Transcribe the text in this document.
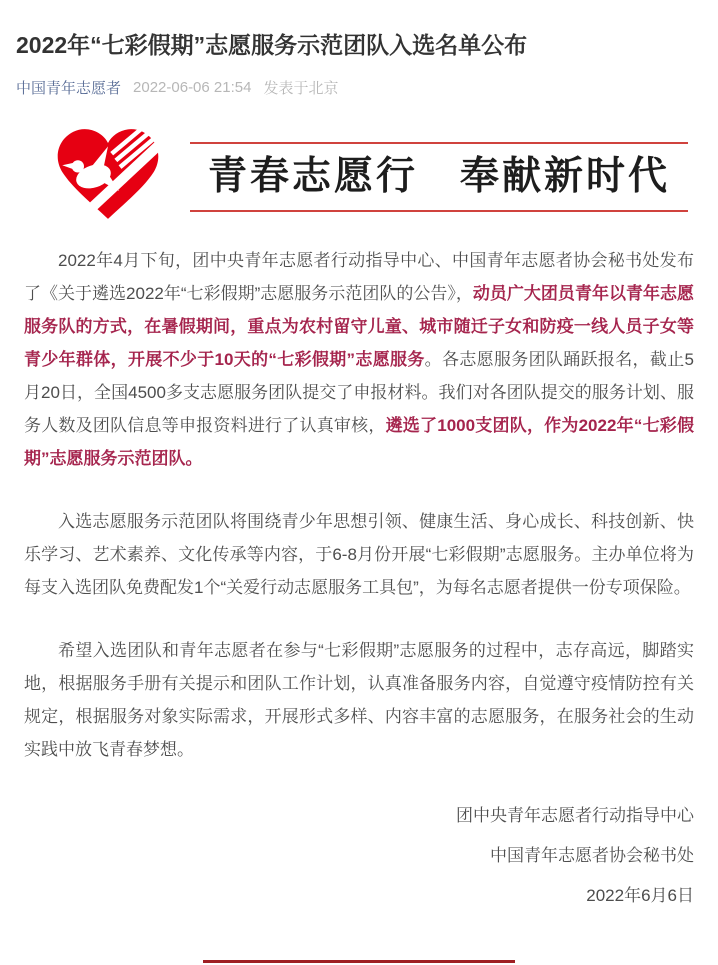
2022年“七彩假期”志愿服务示范团队入选名单公布
中国青年志愿者 2022-06-06 21:54 发表于北京
青春志愿行　奉献新时代

2022年4月下旬，团中央青年志愿者行动指导中心、中国青年志愿者协会秘书处发布了《关于遴选2022年“七彩假期”志愿服务示范团队的公告》，动员广大团员青年以青年志愿服务队的方式，在暑假期间，重点为农村留守儿童、城市随迁子女和防疫一线人员子女等青少年群体，开展不少于10天的“七彩假期”志愿服务。各志愿服务团队踊跃报名，截止5月20日，全国4500多支志愿服务团队提交了申报材料。我们对各团队提交的服务计划、服务人数及团队信息等申报资料进行了认真审核，遴选了1000支团队，作为2022年“七彩假期”志愿服务示范团队。

入选志愿服务示范团队将围绕青少年思想引领、健康生活、身心成长、科技创新、快乐学习、艺术素养、文化传承等内容，于6-8月份开展“七彩假期”志愿服务。主办单位将为每支入选团队免费配发1个“关爱行动志愿服务工具包”，为每名志愿者提供一份专项保险。

希望入选团队和青年志愿者在参与“七彩假期”志愿服务的过程中，志存高远，脚踏实地，根据服务手册有关提示和团队工作计划，认真准备服务内容，自觉遵守疫情防控有关规定，根据服务对象实际需求，开展形式多样、内容丰富的志愿服务，在服务社会的生动实践中放飞青春梦想。

团中央青年志愿者行动指导中心
中国青年志愿者协会秘书处
2022年6月6日
